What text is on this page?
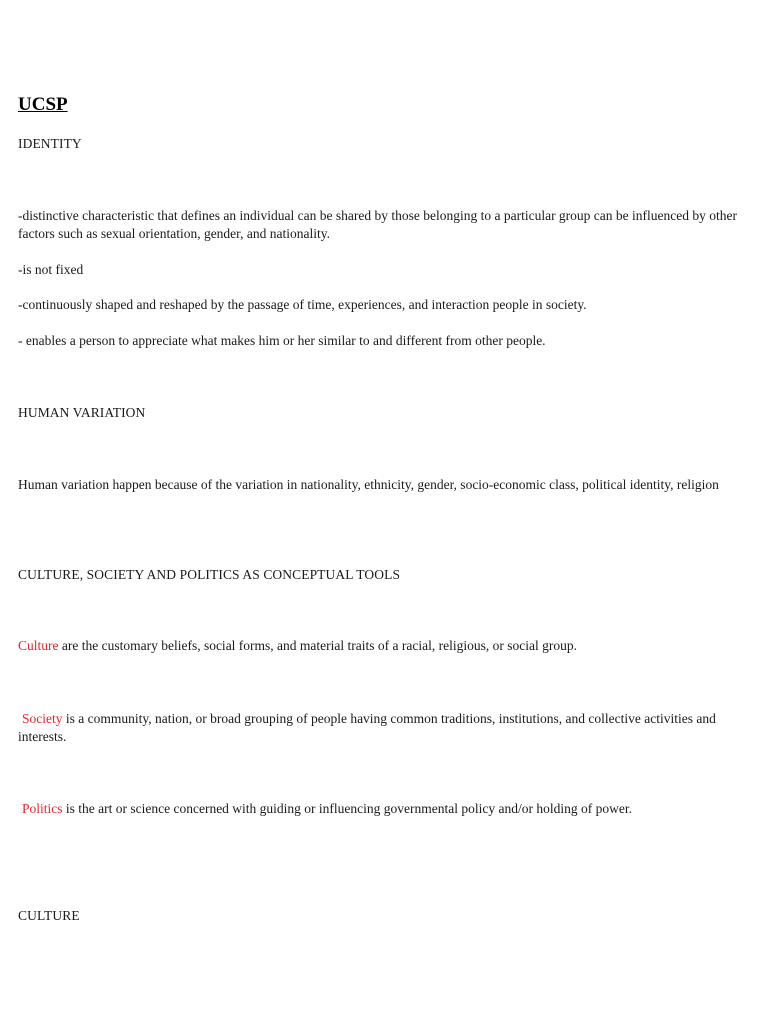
UCSP
IDENTITY
-distinctive characteristic that defines an individual can be shared by those belonging to a particular group can be influenced by other factors such as sexual orientation, gender, and nationality.
-is not fixed
-continuously shaped and reshaped by the passage of time, experiences, and interaction people in society.
- enables a person to appreciate what makes him or her similar to and different from other people.
HUMAN VARIATION
Human variation happen because of the variation in nationality, ethnicity, gender, socio-economic class, political identity, religion
CULTURE, SOCIETY AND POLITICS AS CONCEPTUAL TOOLS
Culture are the customary beliefs, social forms, and material traits of a racial, religious, or social group.
Society is a community, nation, or broad grouping of people having common traditions, institutions, and collective activities and interests.
Politics is the art or science concerned with guiding or influencing governmental policy and/or holding of power.
CULTURE
